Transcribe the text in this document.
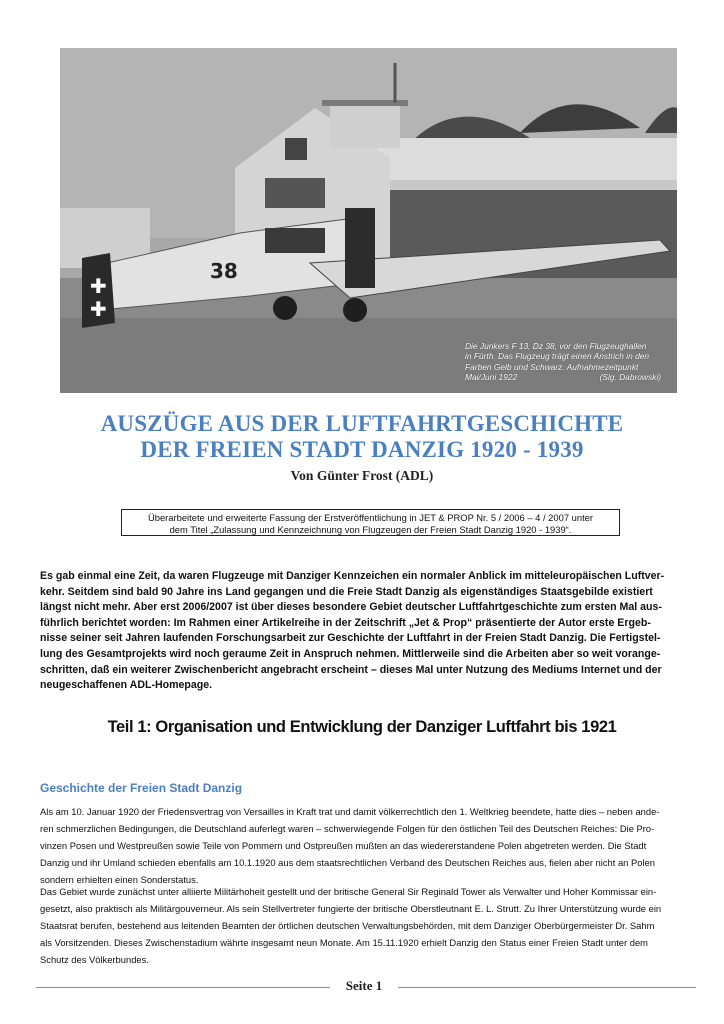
✚
✚
38
Die Junkers F 13, Dz 38, vor den Flugzeughallen
in Fürth. Das Flugzeug trägt einen Anstrich in den
Farben Gelb und Schwarz. Aufnahmezeitpunkt
Mai/Juni 1922	(Slg. Dabrowski)
AUSZÜGE AUS DER LUFTFAHRTGESCHICHTE
DER FREIEN STADT DANZIG 1920 - 1939
Von Günter Frost (ADL)
Überarbeitete und erweiterte Fassung der Erstveröffentlichung in JET & PROP Nr. 5 / 2006 – 4 / 2007 unter
dem Titel „Zulassung und Kennzeichnung von Flugzeugen der Freien Stadt Danzig 1920 - 1939“.
Es gab einmal eine Zeit, da waren Flugzeuge mit Danziger Kennzeichen ein normaler Anblick im mitteleuropäischen Luftver-
kehr. Seitdem sind bald 90 Jahre ins Land gegangen und die Freie Stadt Danzig als eigenständiges Staatsgebilde existiert
längst nicht mehr. Aber erst 2006/2007 ist über dieses besondere Gebiet deutscher Luftfahrtgeschichte zum ersten Mal aus-
führlich berichtet worden: Im Rahmen einer Artikelreihe in der Zeitschrift „Jet & Prop“ präsentierte der Autor erste Ergeb-
nisse seiner seit Jahren laufenden Forschungsarbeit zur Geschichte der Luftfahrt in der Freien Stadt Danzig. Die Fertigstel-
lung des Gesamtprojekts wird noch geraume Zeit in Anspruch nehmen. Mittlerweile sind die Arbeiten aber so weit vorange-
schritten, daß ein weiterer Zwischenbericht angebracht erscheint – dieses Mal unter Nutzung des Mediums Internet und der
neugeschaffenen ADL-Homepage.
Teil 1: Organisation und Entwicklung der Danziger Luftfahrt bis 1921
Geschichte der Freien Stadt Danzig
Als am 10. Januar 1920 der Friedensvertrag von Versailles in Kraft trat und damit völkerrechtlich den 1. Weltkrieg beendete, hatte dies – neben ande-
ren schmerzlichen Bedingungen, die Deutschland auferlegt waren – schwerwiegende Folgen für den östlichen Teil des Deutschen Reiches: Die Pro-
vinzen Posen und Westpreußen sowie Teile von Pommern und Ostpreußen mußten an das wiedererstandene Polen abgetreten werden. Die Stadt
Danzig und ihr Umland schieden ebenfalls am 10.1.1920 aus dem staatsrechtlichen Verband des Deutschen Reiches aus, fielen aber nicht an Polen
sondern erhielten einen Sonderstatus.
Das Gebiet wurde zunächst unter alliierte Militärhoheit gestellt und der britische General Sir Reginald Tower als Verwalter und Hoher Kommissar ein-
gesetzt, also praktisch als Militärgouverneur. Als sein Stellvertreter fungierte der britische Oberstleutnant E. L. Strutt. Zu Ihrer Unterstützung wurde ein
Staatsrat berufen, bestehend aus leitenden Beamten der örtlichen deutschen Verwaltungsbehörden, mit dem Danziger Oberbürgermeister Dr. Sahm
als Vorsitzenden. Dieses Zwischenstadium währte insgesamt neun Monate. Am 15.11.1920 erhielt Danzig den Status einer Freien Stadt unter dem
Schutz des Völkerbundes.
Seite 1
